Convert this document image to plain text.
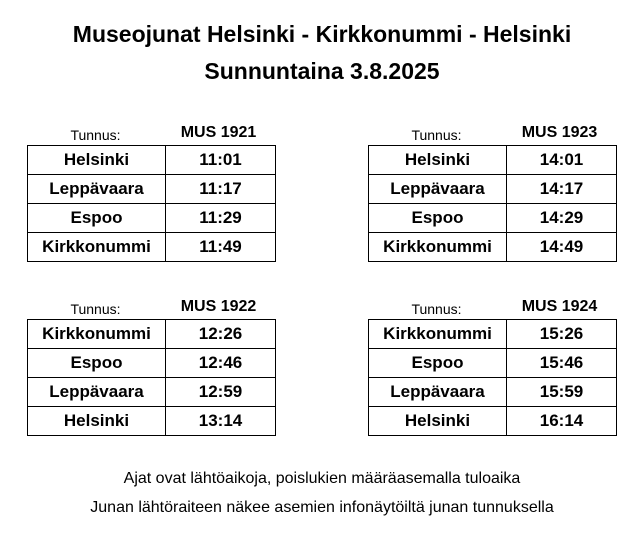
Museojunat Helsinki - Kirkkonummi - Helsinki
Sunnuntaina 3.8.2025
Tunnus:	MUS 1921
Helsinki	11:01
Leppävaara	11:17
Espoo	11:29
Kirkkonummi	11:49
Tunnus:	MUS 1923
Helsinki	14:01
Leppävaara	14:17
Espoo	14:29
Kirkkonummi	14:49
Tunnus:	MUS 1922
Kirkkonummi	12:26
Espoo	12:46
Leppävaara	12:59
Helsinki	13:14
Tunnus:	MUS 1924
Kirkkonummi	15:26
Espoo	15:46
Leppävaara	15:59
Helsinki	16:14
Ajat ovat lähtöaikoja, poislukien määräasemalla tuloaika
Junan lähtöraiteen näkee asemien infonäytöiltä junan tunnuksella
